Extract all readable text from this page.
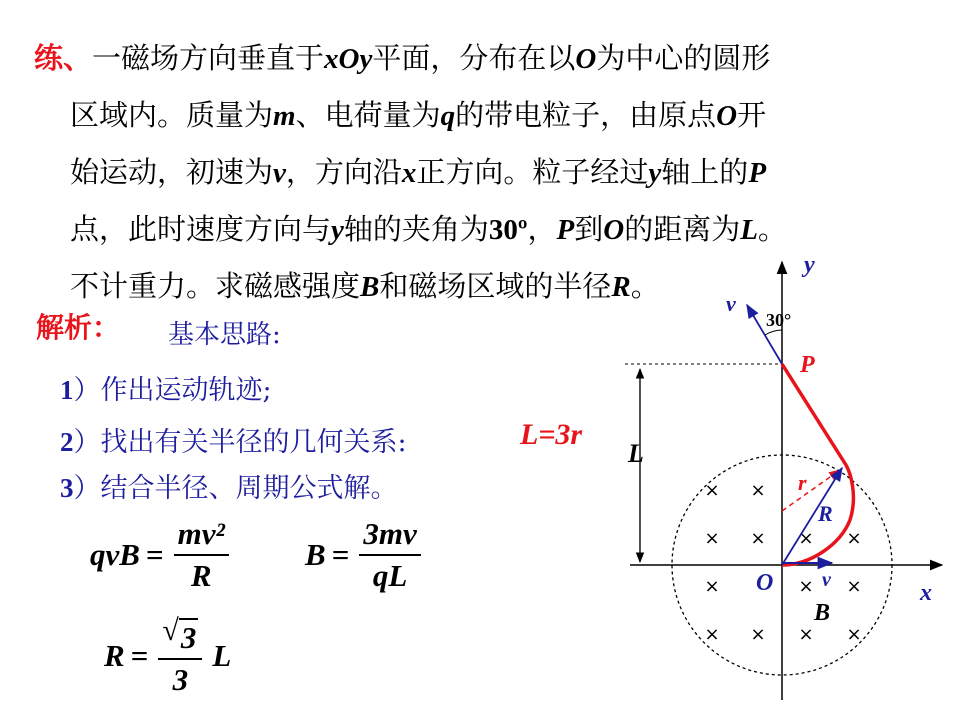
练、一磁场方向垂直于xOy平面，分布在以O为中心的圆形
区域内。质量为m、电荷量为q的带电粒子，由原点O开
始运动，初速为v，方向沿x正方向。粒子经过y轴上的P
点，此时速度方向与y轴的夹角为30º，P到O的距离为L。
不计重力。求磁感强度B和磁场区域的半径R。
解析： 基本思路:
1）作出运动轨迹;
2）找出有关半径的几何关系:
3）结合半径、周期公式解。
L=3r
qvB = $\frac{\text{mv²}}{R}$ $B = \frac{3mv}{qL}$
$R = \frac{√ 3}{3}$ L
× ×
× × × ×
×	× ×
× × × ×
y
x
v
30°
P
L
r
R
O v
B
